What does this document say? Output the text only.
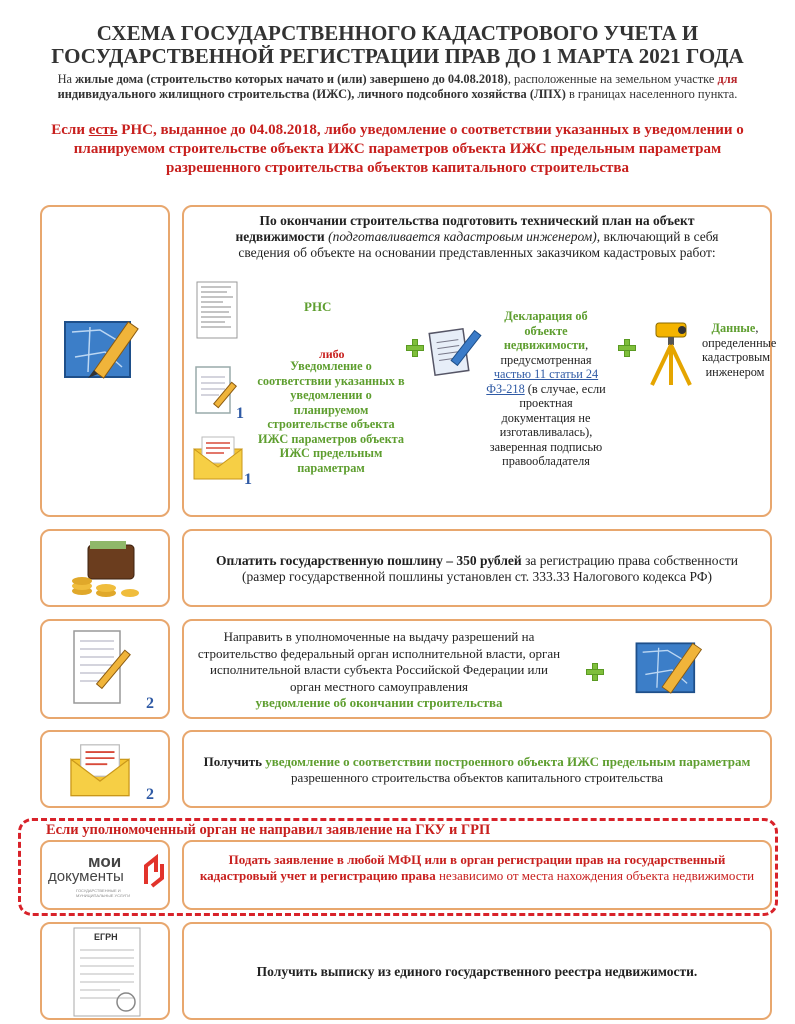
СХЕМА ГОСУДАРСТВЕННОГО КАДАСТРОВОГО УЧЕТА И
ГОСУДАРСТВЕННОЙ РЕГИСТРАЦИИ ПРАВ ДО 1 МАРТА 2021 ГОДА
На жилые дома (строительство которых начато и (или) завершено до 04.08.2018), расположенные на земельном участке для
индивидуального жилищного строительства (ИЖС), личного подсобного хозяйства (ЛПХ) в границах населенного пункта.
Если есть РНС, выданное до 04.08.2018, либо уведомление о соответствии указанных в уведомлении о
планируемом строительстве объекта ИЖС параметров объекта ИЖС предельным параметрам
разрешенного строительства объектов капитального строительства
По окончании строительства подготовить технический план на объект
недвижимости (подготавливается кадастровым инженером), включающий в себя
сведения об объекте на основании представленных заказчиком кадастровых работ:
РНС
либо
1
1
Уведомление о соответствии указанных в уведомлении о планируемом строительстве объекта ИЖС параметров объекта ИЖС предельным параметрам
Декларация об объекте недвижимости, предусмотренная частью 11 статьи 24 ФЗ-218 (в случае, если проектная документация не изготавливалась), заверенная подписью правообладателя
Данные, определенные кадастровым инженером
Оплатить государственную пошлину – 350 рублей за регистрацию права собственности
(размер государственной пошлины установлен ст. 333.33 Налогового кодекса РФ)
2
Направить в уполномоченные на выдачу разрешений на строительство федеральный орган исполнительной власти, орган исполнительной власти субъекта Российской Федерации или орган местного самоуправления
уведомление об окончании строительства
2
Получить уведомление о соответствии построенного объекта ИЖС предельным параметрам разрешенного строительства объектов капитального строительства
Если уполномоченный орган не направил заявление на ГКУ и ГРП
мои
документы
ГОСУДАРСТВЕННЫЕ И МУНИЦИПАЛЬНЫЕ УСЛУГИ
Подать заявление в любой МФЦ или в орган регистрации прав на государственный кадастровый учет и регистрацию права независимо от места нахождения объекта недвижимости
ЕГРН
Получить выписку из единого государственного реестра недвижимости.
